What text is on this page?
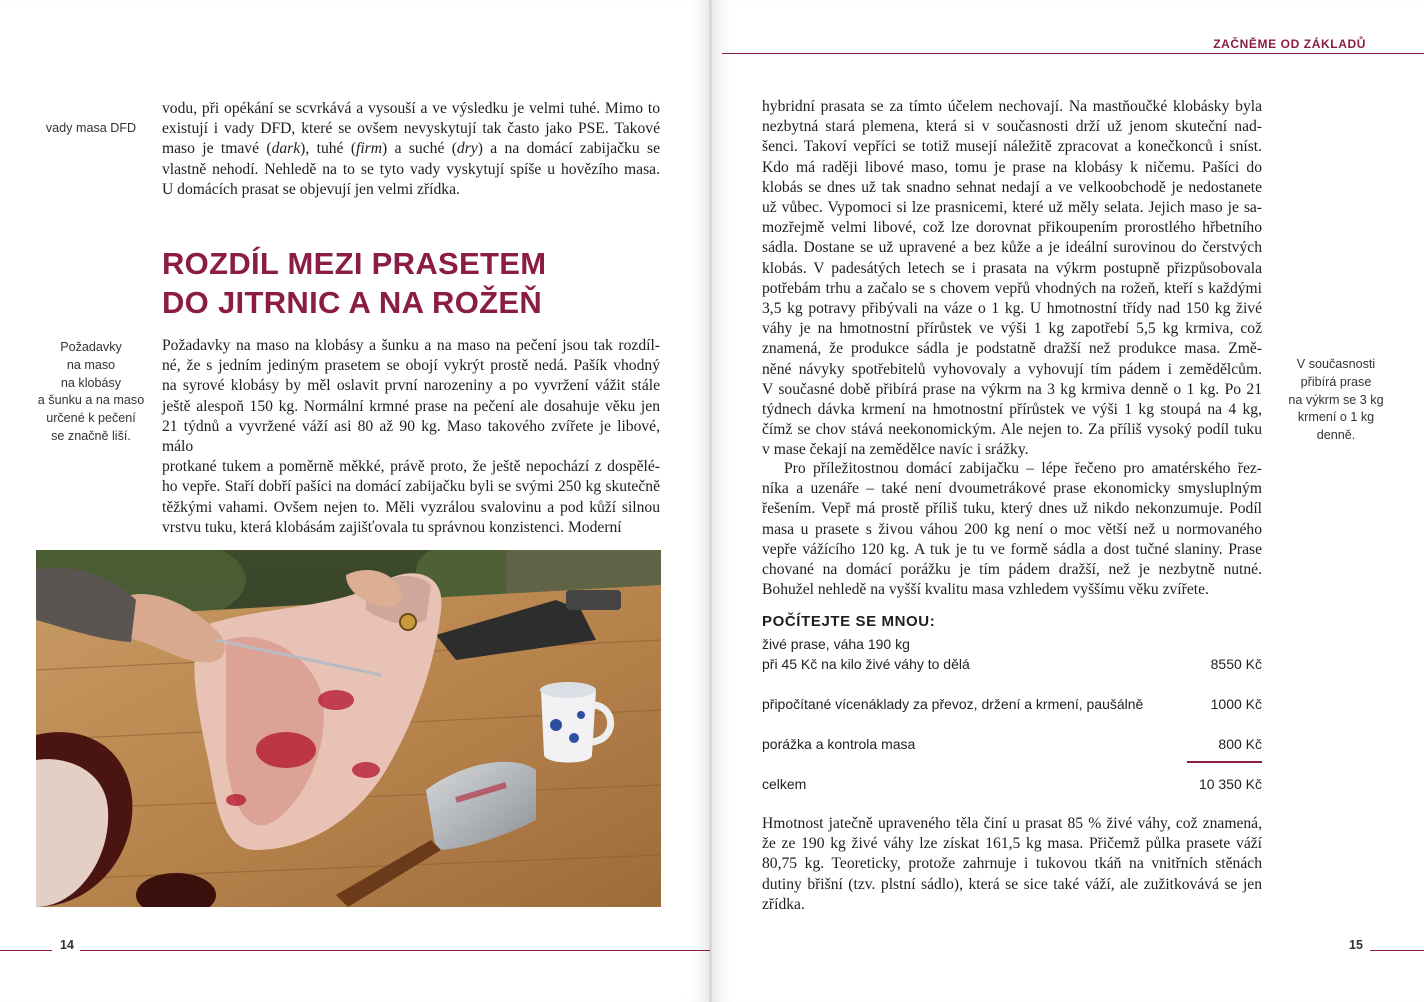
ZAČNĚME OD ZÁKLADŮ
vady masa DFD
vodu, při opékání se scvrkává a vysouší a ve výsledku je velmi tuhé. Mimo to
existují i vady DFD, které se ovšem nevyskytují tak často jako PSE. Takové
maso je tmavé (dark), tuhé (firm) a suché (dry) a na domácí zabijačku se
vlastně nehodí. Nehledě na to se tyto vady vyskytují spíše u hovězího masa.
U domácích prasat se objevují jen velmi zřídka.
ROZDÍL MEZI PRASETEM
DO JITRNIC A NA ROŽEŇ
Požadavky
na maso
na klobásy
a šunku a na maso
určené k pečení
se značně liší.
Požadavky na maso na klobásy a šunku a na maso na pečení jsou tak rozdíl-
né, že s jedním jediným prasetem se obojí vykrýt prostě nedá. Pašík vhodný
na syrové klobásy by měl oslavit první narozeniny a po vyvržení vážit stále
ještě alespoň 150 kg. Normální krmné prase na pečení ale dosahuje věku jen
21 týdnů a vyvržené váží asi 80 až 90 kg. Maso takového zvířete je libové, málo
protkané tukem a poměrně měkké, právě proto, že ještě nepochází z dospělé-
ho vepře. Staří dobří pašíci na domácí zabijačku byli se svými 250 kg skutečně
těžkými vahami. Ovšem nejen to. Měli vyzrálou svalovinu a pod kůží silnou
vrstvu tuku, která klobásám zajišťovala tu správnou konzistenci. Moderní
hybridní prasata se za tímto účelem nechovají. Na mastňoučké klobásky byla
nezbytná stará plemena, která si v současnosti drží už jenom skuteční nad-
šenci. Takoví vepříci se totiž musejí náležitě zpracovat a konečkonců i sníst.
Kdo má raději libové maso, tomu je prase na klobásy k ničemu. Pašíci do
klobás se dnes už tak snadno sehnat nedají a ve velkoobchodě je nedostanete
už vůbec. Vypomoci si lze prasnicemi, které už měly selata. Jejich maso je sa-
mozřejmě velmi libové, což lze dorovnat přikoupením prorostlého hřbetního
sádla. Dostane se už upravené a bez kůže a je ideální surovinou do čerstvých
klobás. V padesátých letech se i prasata na výkrm postupně přizpůsobovala
potřebám trhu a začalo se s chovem vepřů vhodných na rožeň, kteří s každými
3,5 kg potravy přibývali na váze o 1 kg. U hmotnostní třídy nad 150 kg živé
váhy je na hmotnostní přírůstek ve výši 1 kg zapotřebí 5,5 kg krmiva, což
znamená, že produkce sádla je podstatně dražší než produkce masa. Změ-
něné návyky spotřebitelů vyhovovaly a vyhovují tím pádem i zemědělcům.
V současné době přibírá prase na výkrm na 3 kg krmiva denně o 1 kg. Po 21
týdnech dávka krmení na hmotnostní přírůstek ve výši 1 kg stoupá na 4 kg,
čímž se chov stává neekonomickým. Ale nejen to. Za příliš vysoký podíl tuku
v mase čekají na zemědělce navíc i srážky.
V současnosti
přibírá prase
na výkrm se 3 kg
krmení o 1 kg
denně.
Pro příležitostnou domácí zabijačku – lépe řečeno pro amatérského řez-
níka a uzenáře – také není dvoumetrákové prase ekonomicky smysluplným
řešením. Vepř má prostě příliš tuku, který dnes už nikdo nekonzumuje. Podíl
masa u prasete s živou váhou 200 kg není o moc větší než u normovaného
vepře vážícího 120 kg. A tuk je tu ve formě sádla a dost tučné slaniny. Prase
chované na domácí porážku je tím pádem dražší, než je nezbytně nutné.
Bohužel nehledě na vyšší kvalitu masa vzhledem vyššímu věku zvířete.
POČÍTEJTE SE MNOU:
živé prase, váha 190 kg
při 45 Kč na kilo živé váhy to dělá	8550 Kč
připočítané vícenáklady za převoz, držení a krmení, paušálně	1000 Kč
porážka a kontrola masa	800 Kč
celkem	10 350 Kč
Hmotnost jatečně upraveného těla činí u prasat 85 % živé váhy, což znamená,
že ze 190 kg živé váhy lze získat 161,5 kg masa. Přičemž půlka prasete váží
80,75 kg. Teoreticky, protože zahrnuje i tukovou tkáň na vnitřních stěnách
dutiny břišní (tzv. plstní sádlo), která se sice také váží, ale zužitkovává se jen
zřídka.
14	15
